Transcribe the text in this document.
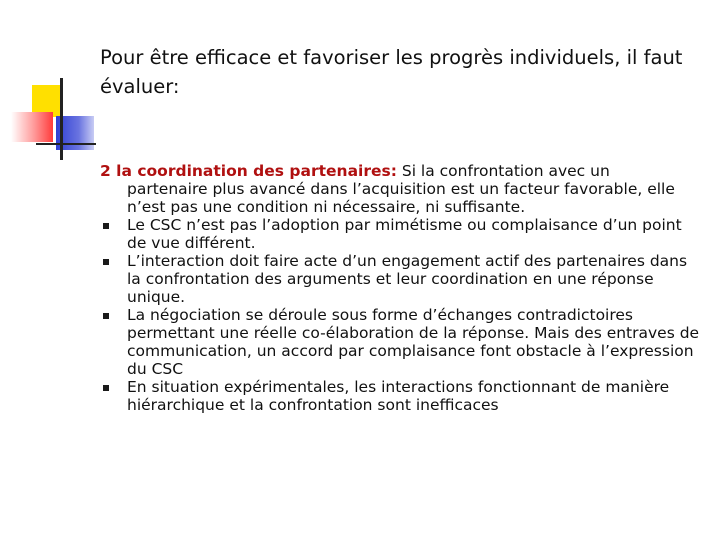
Pour être efficace et favoriser les progrès individuels, il faut évaluer:

2 la coordination des partenaires: Si la confrontation avec un

partenaire plus avancé dans l’acquisition est un facteur favorable, elle n’est pas une condition ni nécessaire, ni suffisante.

Le CSC n’est pas l’adoption par mimétisme ou complaisance d’un point de vue différent.
L’interaction doit faire acte d’un engagement actif des partenaires dans la confrontation des arguments et leur coordination en une réponse unique.
La négociation se déroule sous forme d’échanges contradictoires permettant une réelle co-élaboration de la réponse. Mais des entraves de communication, un accord par complaisance font obstacle à l’expression du CSC
En situation expérimentales, les interactions fonctionnant de manière hiérarchique et la confrontation sont inefficaces
